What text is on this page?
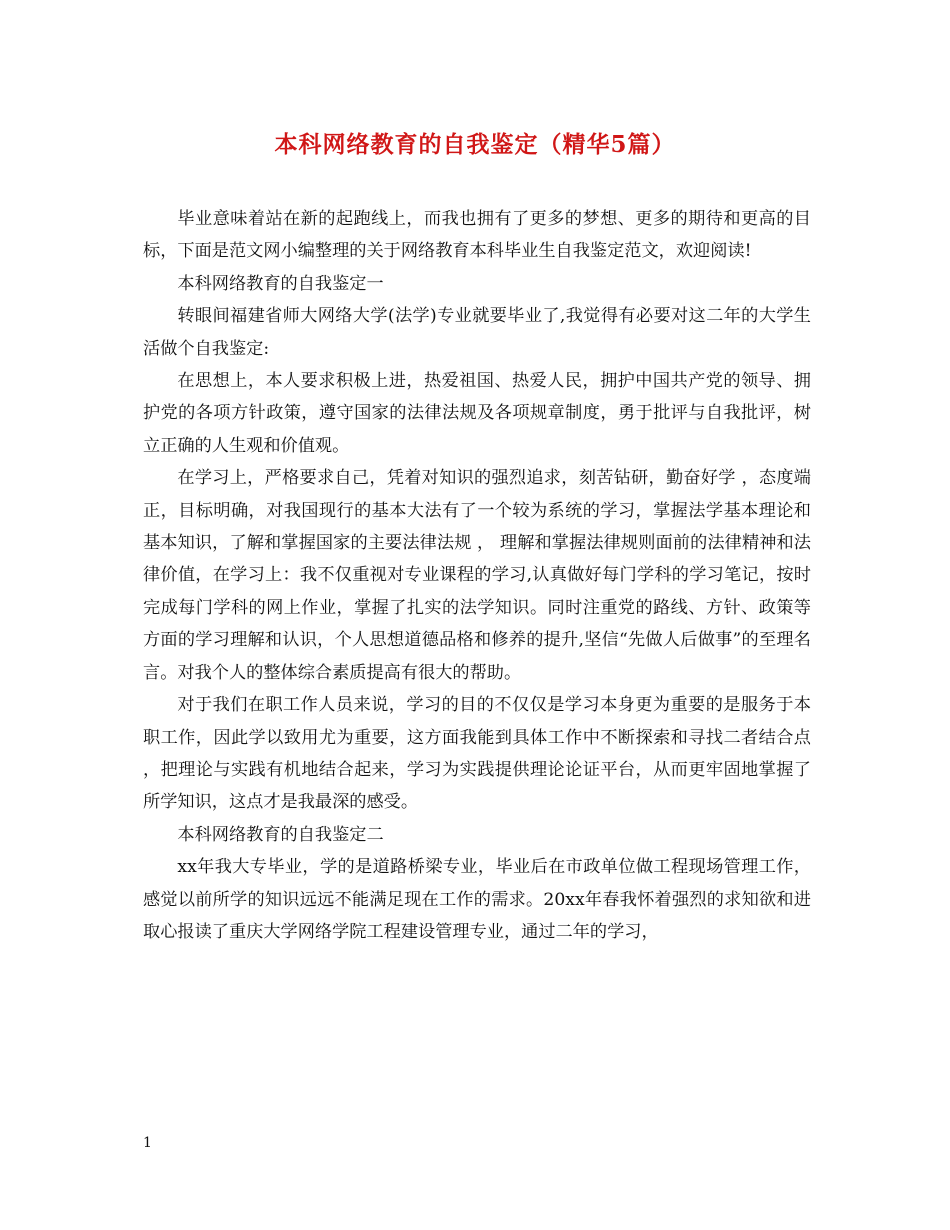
本科网络教育的自我鉴定（精华5篇）

毕业意味着站在新的起跑线上，而我也拥有了更多的梦想、更多的期待和更高的目标，下面是范文网小编整理的关于网络教育本科毕业生自我鉴定范文，欢迎阅读!

本科网络教育的自我鉴定一

转眼间福建省师大网络大学(法学)专业就要毕业了,我觉得有必要对这二年的大学生活做个自我鉴定:

在思想上，本人要求积极上进，热爱祖国、热爱人民，拥护中国共产党的领导、拥护党的各项方针政策，遵守国家的法律法规及各项规章制度，勇于批评与自我批评，树立正确的人生观和价值观。

在学习上，严格要求自己，凭着对知识的强烈追求，刻苦钻研，勤奋好学 ，态度端正，目标明确，对我国现行的基本大法有了一个较为系统的学习，掌握法学基本理论和基本知识，了解和掌握国家的主要法律法规 ， 理解和掌握法律规则面前的法律精神和法律价值，在学习上：我不仅重视对专业课程的学习,认真做好每门学科的学习笔记，按时完成每门学科的网上作业，掌握了扎实的法学知识。同时注重党的路线、方针、政策等方面的学习理解和认识，个人思想道德品格和修养的提升,坚信“先做人后做事”的至理名言。对我个人的整体综合素质提高有很大的帮助。

对于我们在职工作人员来说，学习的目的不仅仅是学习本身更为重要的是服务于本职工作，因此学以致用尤为重要，这方面我能到具体工作中不断探索和寻找二者结合点 ，把理论与实践有机地结合起来，学习为实践提供理论论证平台，从而更牢固地掌握了所学知识，这点才是我最深的感受。

本科网络教育的自我鉴定二

xx年我大专毕业，学的是道路桥梁专业，毕业后在市政单位做工程现场管理工作，感觉以前所学的知识远远不能满足现在工作的需求。20xx年春我怀着强烈的求知欲和进取心报读了重庆大学网络学院工程建设管理专业，通过二年的学习，

1
